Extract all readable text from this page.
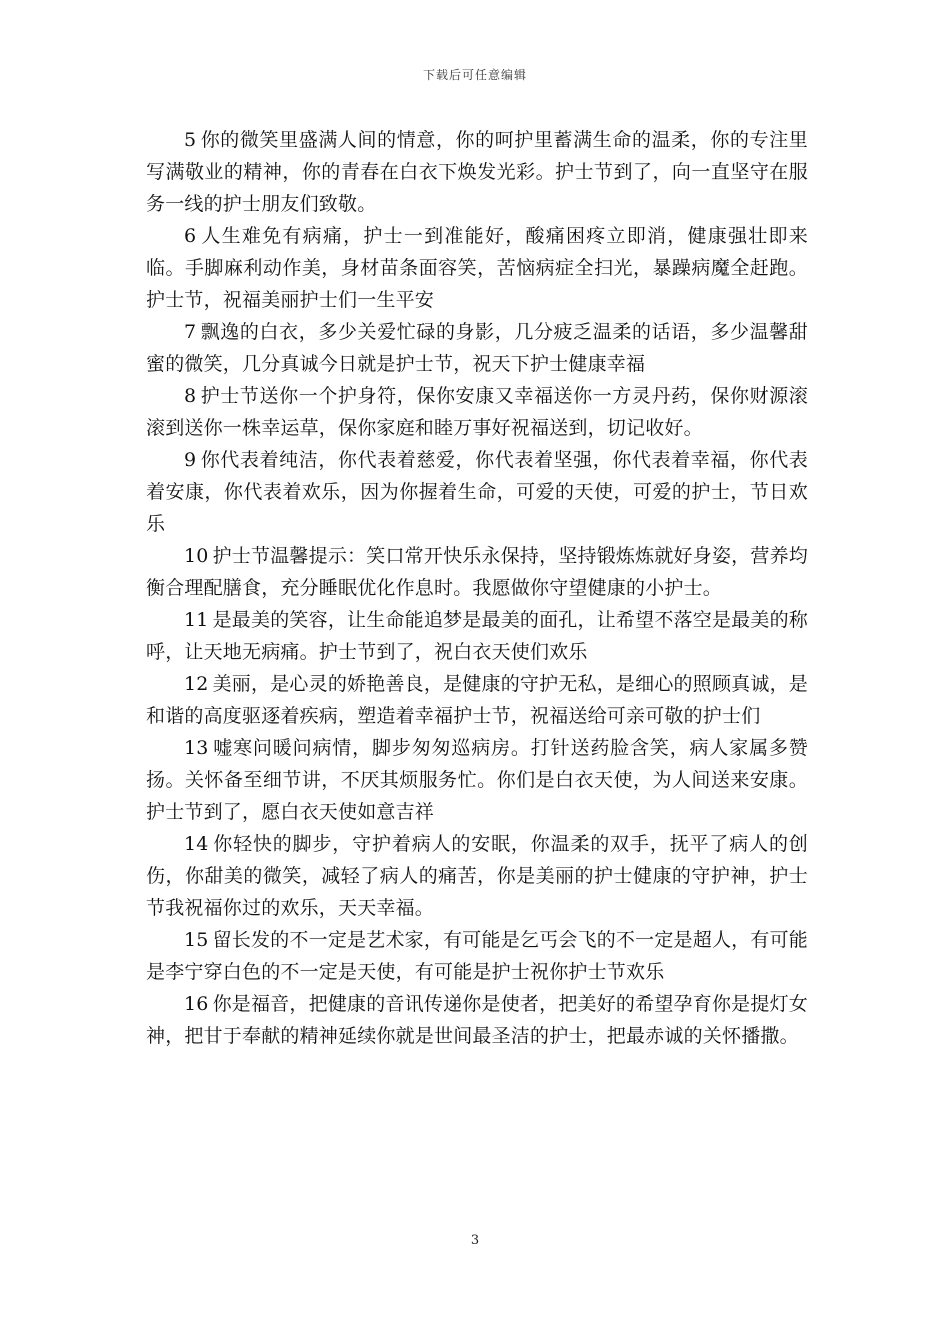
下载后可任意编辑

5 你的微笑里盛满人间的情意，你的呵护里蓄满生命的温柔，你的专注里写满敬业的精神，你的青春在白衣下焕发光彩。护士节到了，向一直坚守在服务一线的护士朋友们致敬。

6 人生难免有病痛，护士一到准能好，酸痛困疼立即消，健康强壮即来临。手脚麻利动作美，身材苗条面容笑，苦恼病症全扫光，暴躁病魔全赶跑。护士节，祝福美丽护士们一生平安

7 飘逸的白衣，多少关爱忙碌的身影，几分疲乏温柔的话语，多少温馨甜蜜的微笑，几分真诚今日就是护士节，祝天下护士健康幸福

8 护士节送你一个护身符，保你安康又幸福送你一方灵丹药，保你财源滚滚到送你一株幸运草，保你家庭和睦万事好祝福送到，切记收好。

9 你代表着纯洁，你代表着慈爱，你代表着坚强，你代表着幸福，你代表着安康，你代表着欢乐，因为你握着生命，可爱的天使，可爱的护士，节日欢乐

10 护士节温馨提示：笑口常开快乐永保持，坚持锻炼炼就好身姿，营养均衡合理配膳食，充分睡眠优化作息时。我愿做你守望健康的小护士。

11 是最美的笑容，让生命能追梦是最美的面孔，让希望不落空是最美的称呼，让天地无病痛。护士节到了，祝白衣天使们欢乐

12 美丽，是心灵的娇艳善良，是健康的守护无私，是细心的照顾真诚，是和谐的高度驱逐着疾病，塑造着幸福护士节，祝福送给可亲可敬的护士们

13 嘘寒问暖问病情，脚步匆匆巡病房。打针送药脸含笑，病人家属多赞扬。关怀备至细节讲，不厌其烦服务忙。你们是白衣天使，为人间送来安康。护士节到了，愿白衣天使如意吉祥

14 你轻快的脚步，守护着病人的安眠，你温柔的双手，抚平了病人的创伤，你甜美的微笑，减轻了病人的痛苦，你是美丽的护士健康的守护神，护士节我祝福你过的欢乐，天天幸福。

15 留长发的不一定是艺术家，有可能是乞丐会飞的不一定是超人，有可能是李宁穿白色的不一定是天使，有可能是护士祝你护士节欢乐

16 你是福音，把健康的音讯传递你是使者，把美好的希望孕育你是提灯女神，把甘于奉献的精神延续你就是世间最圣洁的护士，把最赤诚的关怀播撒。

3
